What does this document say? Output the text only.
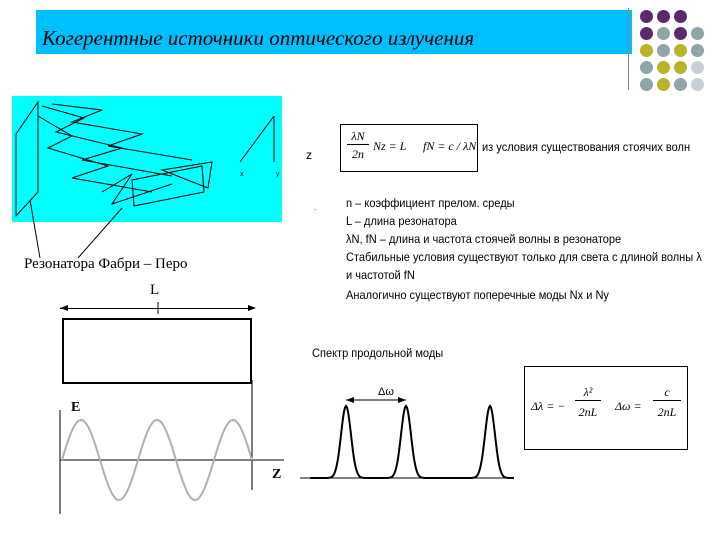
Когерентные источники оптического излучения
x	y
z
·
Резонатора Фабри – Перо
L
E
Z
λN
2n
Nz = L fN = c / λN из условия существования стоячих волн
n – коэффициент прелом. среды
L – длина резонатора
λN, fN – длина и частота стоячей волны в резонаторе
Стабильные условия существуют только для света с длиной волны λ
и частотой fN
Аналогично существуют поперечные моды Nx и Ny
Спектр продольной моды
Δω
Δλ = −
λ²
2nL	Δω =
c
2nL
